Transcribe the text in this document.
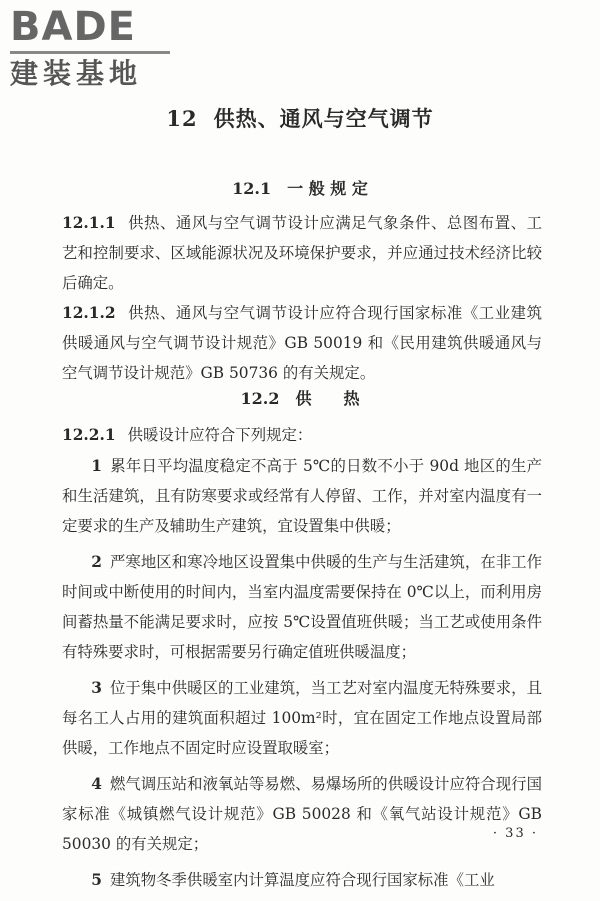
BADE
建装基地
12 供热、通风与空气调节
12.1 一 般 规 定
12.1.1 供热、通风与空气调节设计应满足气象条件、总图布置、工艺和控制要求、区域能源状况及环境保护要求，并应通过技术经济比较后确定。
12.1.2 供热、通风与空气调节设计应符合现行国家标准《工业建筑供暖通风与空气调节设计规范》GB 50019 和《民用建筑供暖通风与空气调节设计规范》GB 50736 的有关规定。
12.2 供　　热
12.2.1 供暖设计应符合下列规定：
1 累年日平均温度稳定不高于 5℃的日数不小于 90d 地区的生产和生活建筑，且有防寒要求或经常有人停留、工作，并对室内温度有一定要求的生产及辅助生产建筑，宜设置集中供暖；
2 严寒地区和寒冷地区设置集中供暖的生产与生活建筑，在非工作时间或中断使用的时间内，当室内温度需要保持在 0℃以上，而利用房间蓄热量不能满足要求时，应按 5℃设置值班供暖；当工艺或使用条件有特殊要求时，可根据需要另行确定值班供暖温度；
3 位于集中供暖区的工业建筑，当工艺对室内温度无特殊要求，且每名工人占用的建筑面积超过 100m²时，宜在固定工作地点设置局部供暖，工作地点不固定时应设置取暖室；
4 燃气调压站和液氧站等易燃、易爆场所的供暖设计应符合现行国家标准《城镇燃气设计规范》GB 50028 和《氧气站设计规范》GB 50030 的有关规定；
5 建筑物冬季供暖室内计算温度应符合现行国家标准《工业
· 33 ·
